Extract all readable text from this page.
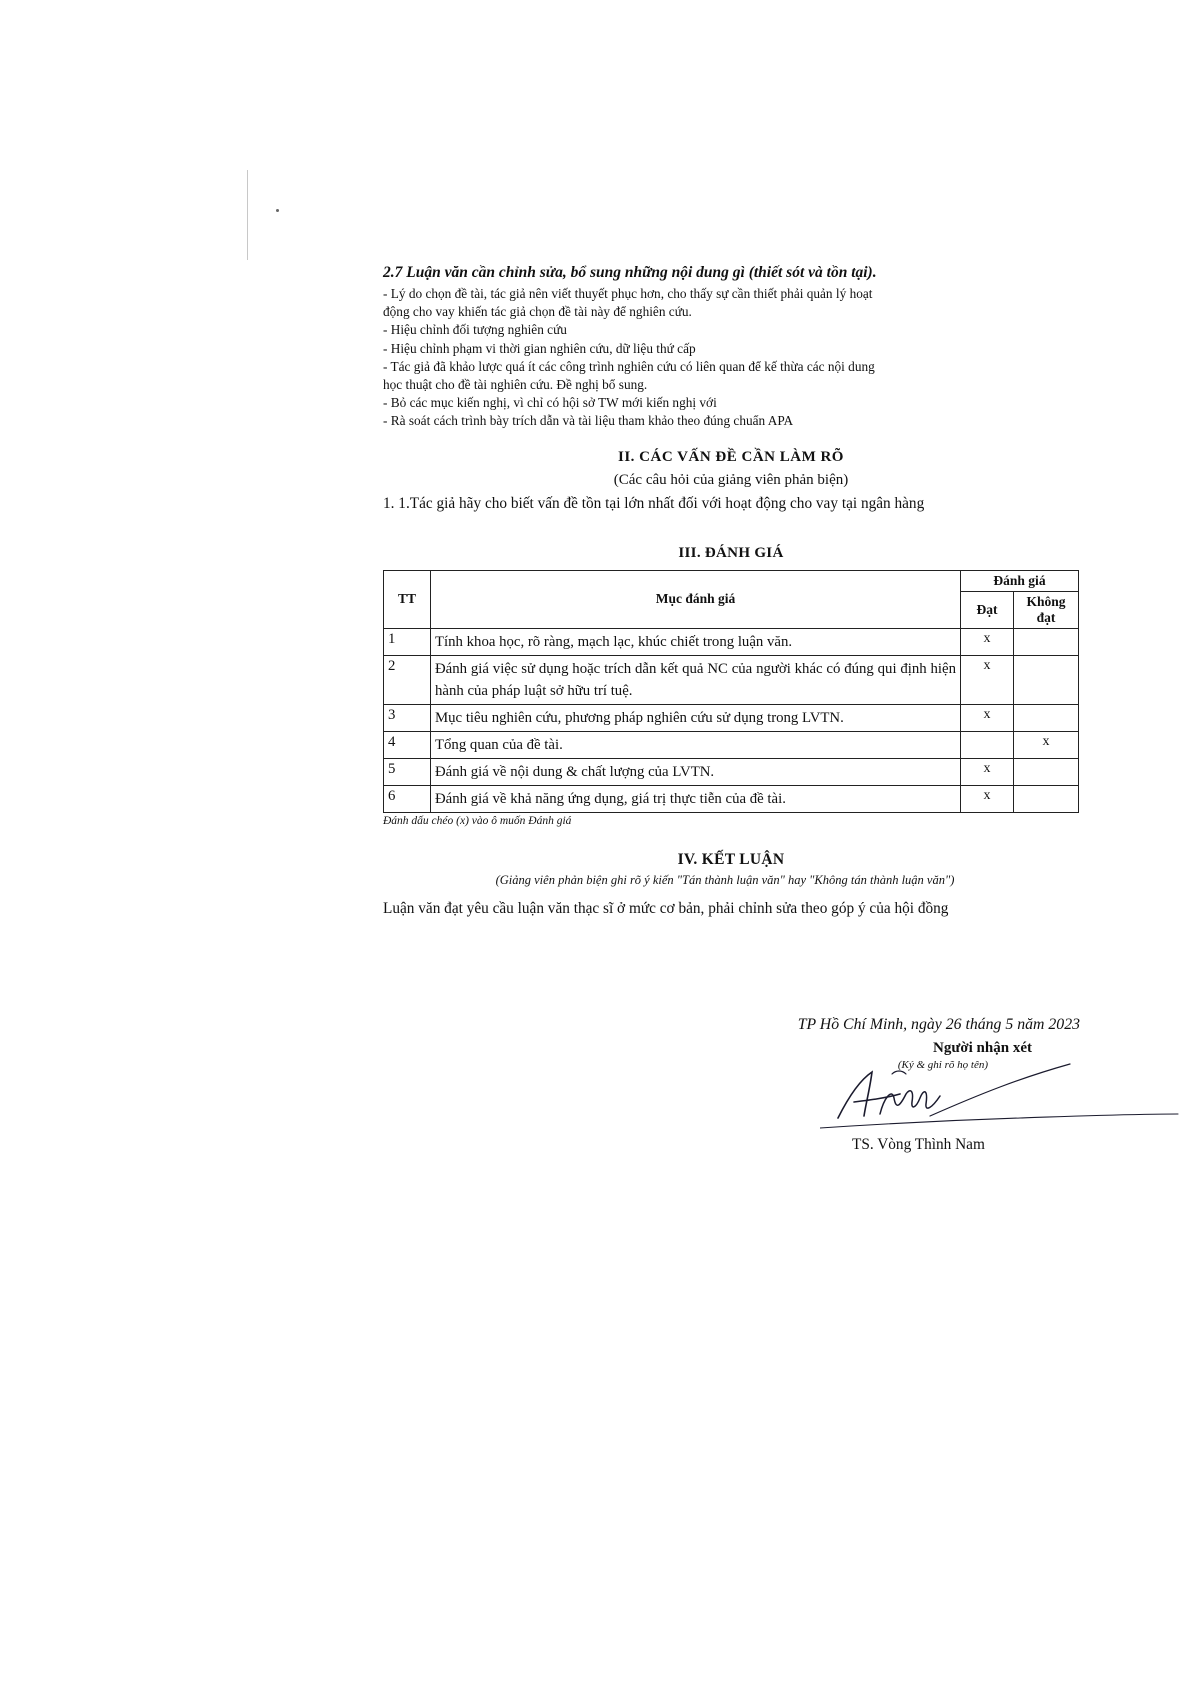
2.7 Luận văn cần chỉnh sửa, bổ sung những nội dung gì (thiết sót và tồn tại).

- Lý do chọn đề tài, tác giả nên viết thuyết phục hơn, cho thấy sự cần thiết phải quản lý hoạt

động cho vay khiến tác giả chọn đề tài này để nghiên cứu.

- Hiệu chỉnh đối tượng nghiên cứu

- Hiệu chỉnh phạm vi thời gian nghiên cứu, dữ liệu thứ cấp

- Tác giả đã khảo lược quá ít các công trình nghiên cứu có liên quan để kế thừa các nội dung

học thuật cho đề tài nghiên cứu. Đề nghị bổ sung.

- Bỏ các mục kiến nghị, vì chỉ có hội sở TW mới kiến nghị với

- Rà soát cách trình bày trích dẫn và tài liệu tham khảo theo đúng chuẩn APA

II. CÁC VẤN ĐỀ CẦN LÀM RÕ
(Các câu hỏi của giảng viên phản biện)
1. 1.Tác giả hãy cho biết vấn đề tồn tại lớn nhất đối với hoạt động cho vay tại ngân hàng
III. ĐÁNH GIÁ
TT	Mục đánh giá	Đánh giá	
		Đạt	Không đạt
1	Tính khoa học, rõ ràng, mạch lạc, khúc chiết trong luận văn.	x	
2	Đánh giá việc sử dụng hoặc trích dẫn kết quả NC của người khác có đúng qui định hiện hành của pháp luật sở hữu trí tuệ.	x	
3	Mục tiêu nghiên cứu, phương pháp nghiên cứu sử dụng trong LVTN.	x	
4	Tổng quan của đề tài.		x
5	Đánh giá về nội dung & chất lượng của LVTN.	x	
6	Đánh giá về khả năng ứng dụng, giá trị thực tiễn của đề tài.	x	
Đánh dấu chéo (x) vào ô muốn Đánh giá
IV. KẾT LUẬN
(Giảng viên phản biện ghi rõ ý kiến "Tán thành luận văn" hay "Không tán thành luận văn")
Luận văn đạt yêu cầu luận văn thạc sĩ ở mức cơ bản, phải chỉnh sửa theo góp ý của hội đồng
TP Hồ Chí Minh, ngày 26 tháng 5 năm 2023
Người nhận xét
(Ký & ghi rõ họ tên)
TS. Vòng Thình Nam
